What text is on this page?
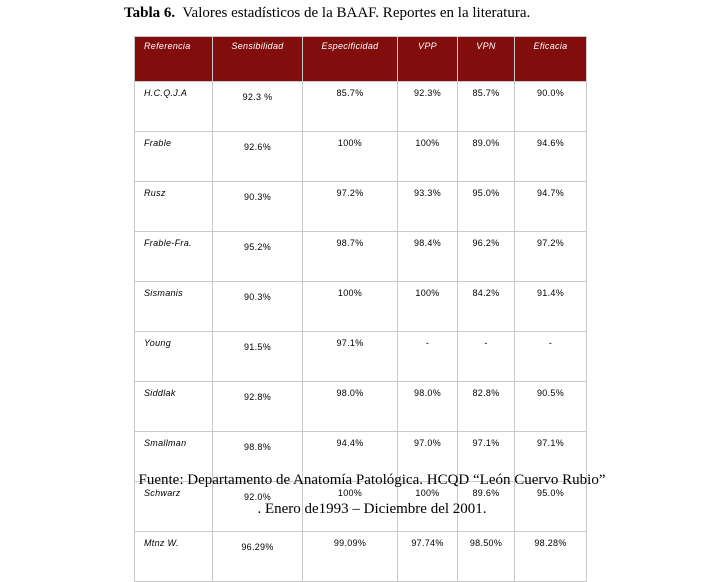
Tabla 6. Valores estadísticos de la BAAF. Reportes en la literatura.
Referencia	Sensibilidad	Especificidad	VPP	VPN	Eficacia
H.C.Q.J.A	92.3 %	85.7%	92.3%	85.7%	90.0%
Frable	92.6%	100%	100%	89.0%	94.6%
Rusz	90.3%	97.2%	93.3%	95.0%	94.7%
Frable-Fra.	95.2%	98.7%	98.4%	96.2%	97.2%
Sismanis	90.3%	100%	100%	84.2%	91.4%
Young	91.5%	97.1%	-	-	-
Siddlak	92.8%	98.0%	98.0%	82.8%	90.5%
Smallman	98.8%	94.4%	97.0%	97.1%	97.1%
Schwarz	92.0%	100%	100%	89.6%	95.0%
Mtnz W.	96.29%	99.09%	97.74%	98.50%	98.28%
Fuente: Departamento de Anatomía Patológica. HCQD “León Cuervo Rubio”
. Enero de1993 – Diciembre del 2001.
